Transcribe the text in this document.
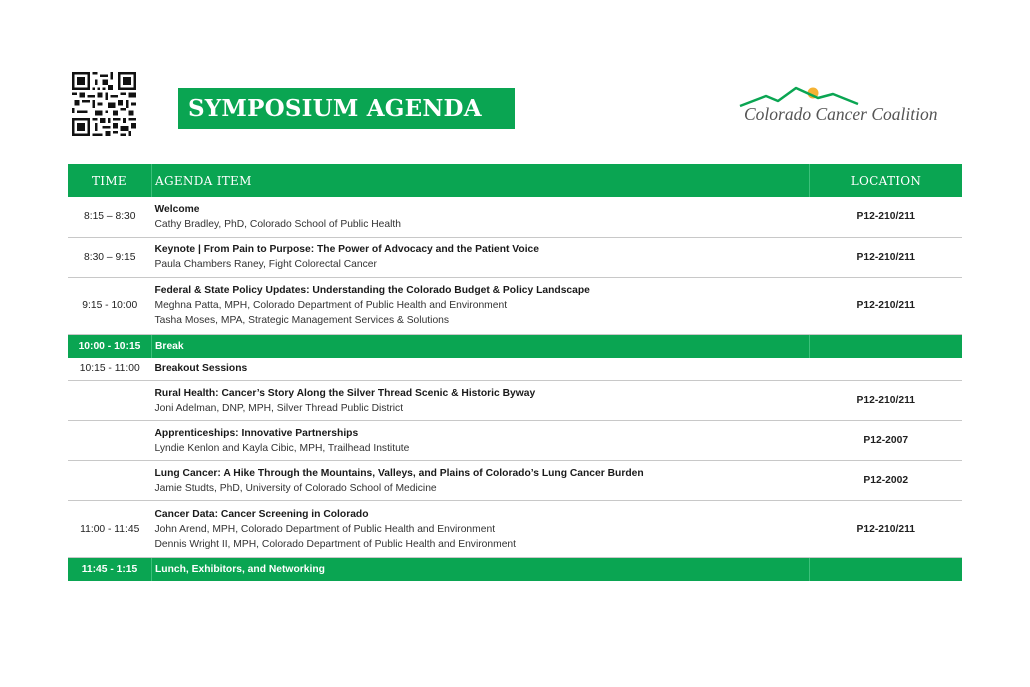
SYMPOSIUM AGENDA	Colorado Cancer Coalition
TIME	AGENDA ITEM	LOCATION
8:15 – 8:30	Welcome
Cathy Bradley, PhD, Colorado School of Public Health	P12-210/211
8:30 – 9:15	Keynote | From Pain to Purpose: The Power of Advocacy and the Patient Voice
Paula Chambers Raney, Fight Colorectal Cancer	P12-210/211
9:15 - 10:00	Federal & State Policy Updates: Understanding the Colorado Budget & Policy Landscape
Meghna Patta, MPH, Colorado Department of Public Health and Environment
Tasha Moses, MPA, Strategic Management Services & Solutions	P12-210/211
10:00 - 10:15	Break	
10:15 - 11:00	Breakout Sessions	

	Rural Health: Cancer’s Story Along the Silver Thread Scenic & Historic Byway
Joni Adelman, DNP, MPH, Silver Thread Public District	P12-210/211

	Apprenticeships: Innovative Partnerships
Lyndie Kenlon and Kayla Cibic, MPH, Trailhead Institute	P12-2007

	Lung Cancer: A Hike Through the Mountains, Valleys, and Plains of Colorado’s Lung Cancer Burden
Jamie Studts, PhD, University of Colorado School of Medicine	P12-2002
11:00 - 11:45	Cancer Data: Cancer Screening in Colorado
John Arend, MPH, Colorado Department of Public Health and Environment
Dennis Wright II, MPH, Colorado Department of Public Health and Environment	P12-210/211
11:45 - 1:15	Lunch, Exhibitors, and Networking	
